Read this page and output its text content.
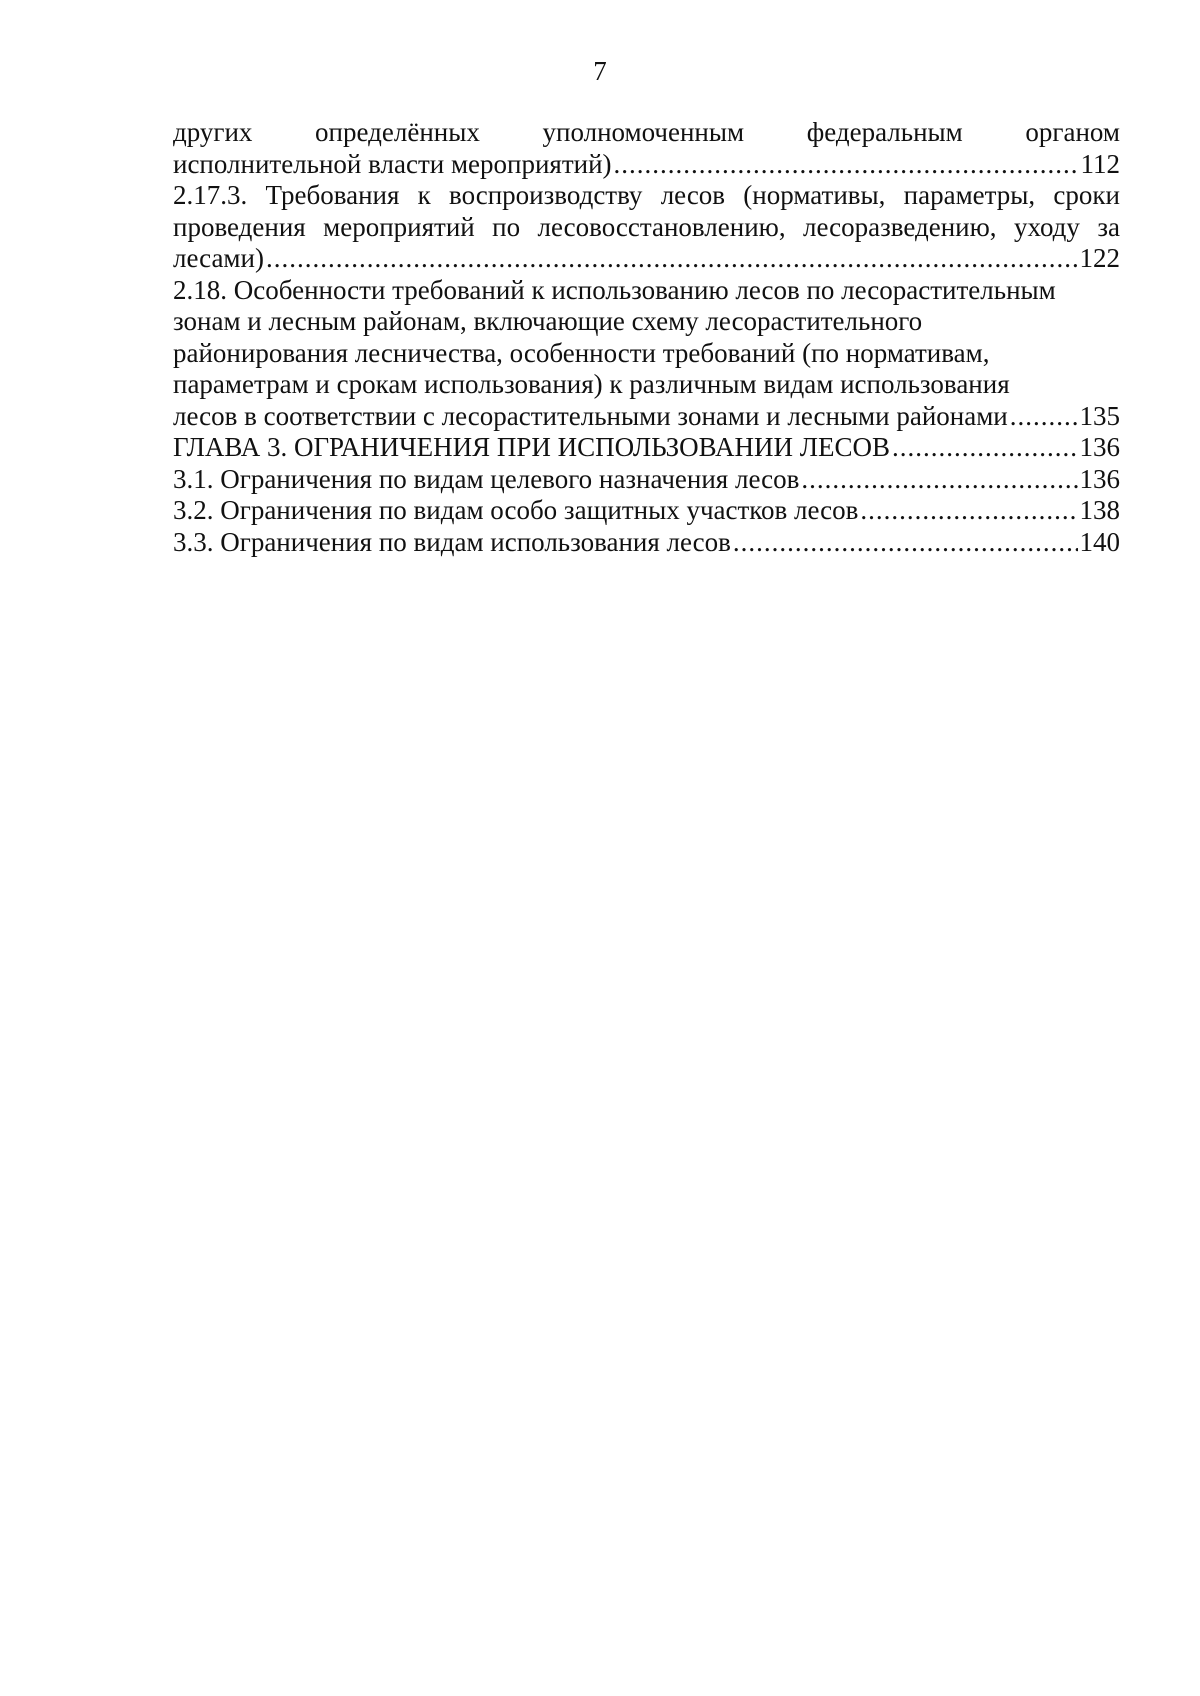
7
других определённых уполномоченным федеральным органом
исполнительной власти мероприятий) .....	112
2.17.3. Требования к воспроизводству лесов (нормативы, параметры, сроки
проведения мероприятий по лесовосстановлению, лесоразведению, уходу за
лесами) .....	122
2.18. Особенности требований к использованию лесов по лесорастительным
зонам и лесным районам, включающие схему лесорастительного
районирования лесничества, особенности требований (по нормативам,
параметрам и срокам использования) к различным видам использования
лесов в соответствии с лесорастительными зонами и лесными районами .....	135
ГЛАВА 3. ОГРАНИЧЕНИЯ ПРИ ИСПОЛЬЗОВАНИИ ЛЕСОВ .....	136
3.1. Ограничения по видам целевого назначения лесов .....	136
3.2. Ограничения по видам особо защитных участков лесов .....	138
3.3. Ограничения по видам использования лесов .....	140
